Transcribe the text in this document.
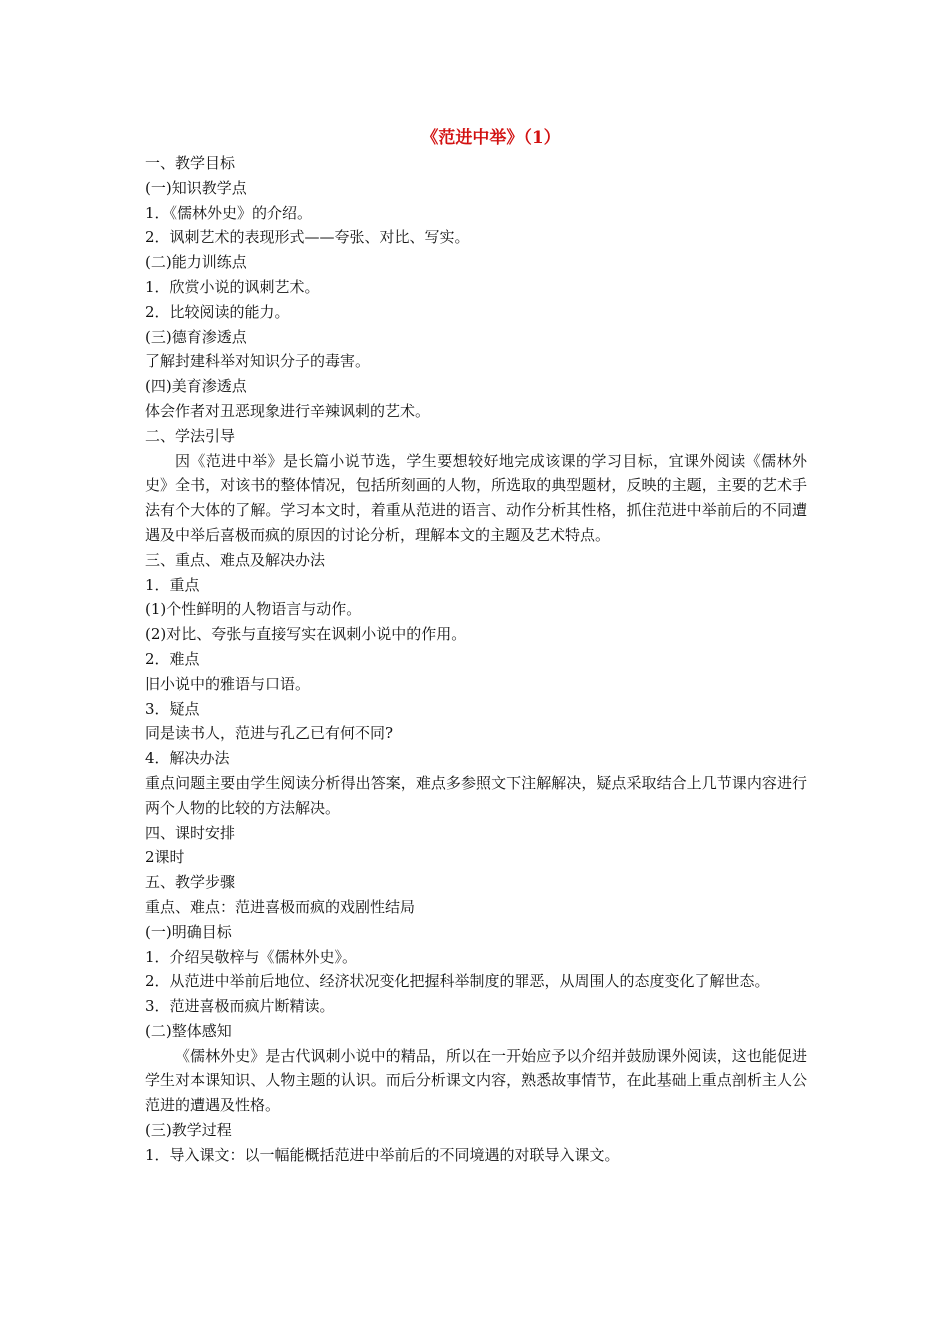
《范进中举》（1）
一、教学目标
(一)知识教学点
1．《儒林外史》的介绍。
2．讽刺艺术的表现形式——夸张、对比、写实。
(二)能力训练点
1．欣赏小说的讽刺艺术。
2．比较阅读的能力。
(三)德育渗透点
了解封建科举对知识分子的毒害。
(四)美育渗透点
体会作者对丑恶现象进行辛辣讽刺的艺术。
二、学法引导
因《范进中举》是长篇小说节选，学生要想较好地完成该课的学习目标，宜课外阅读《儒林外史》全书，对该书的整体情况，包括所刻画的人物，所选取的典型题材，反映的主题，主要的艺术手法有个大体的了解。学习本文时，着重从范进的语言、动作分析其性格，抓住范进中举前后的不同遭遇及中举后喜极而疯的原因的讨论分析，理解本文的主题及艺术特点。
三、重点、难点及解决办法
1．重点
(1)个性鲜明的人物语言与动作。
(2)对比、夸张与直接写实在讽刺小说中的作用。
2．难点
旧小说中的雅语与口语。
3．疑点
同是读书人，范进与孔乙已有何不同?
4．解决办法
重点问题主要由学生阅读分析得出答案，难点多参照文下注解解决，疑点采取结合上几节课内容进行两个人物的比较的方法解决。
四、课时安排
2课时
五、教学步骤
重点、难点：范进喜极而疯的戏剧性结局
(一)明确目标
1．介绍吴敬梓与《儒林外史》。
2．从范进中举前后地位、经济状况变化把握科举制度的罪恶，从周围人的态度变化了解世态。
3．范进喜极而疯片断精读。
(二)整体感知
《儒林外史》是古代讽刺小说中的精品，所以在一开始应予以介绍并鼓励课外阅读，这也能促进学生对本课知识、人物主题的认识。而后分析课文内容，熟悉故事情节，在此基础上重点剖析主人公范进的遭遇及性格。
(三)教学过程
1．导入课文：以一幅能概括范进中举前后的不同境遇的对联导入课文。
